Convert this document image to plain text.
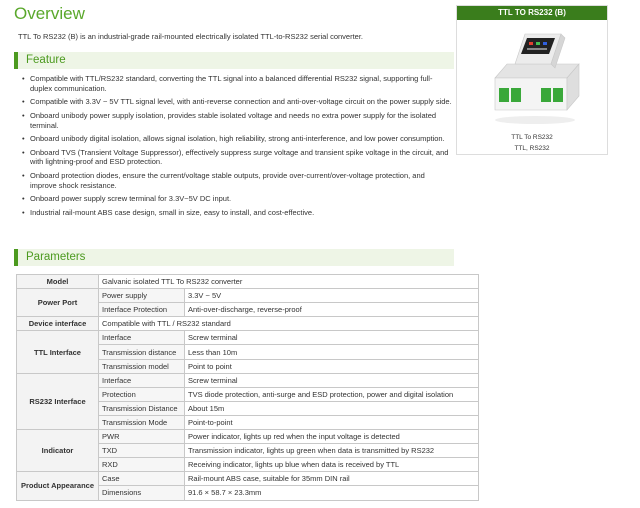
Overview
TTL To RS232 (B) is an industrial-grade rail-mounted electrically isolated TTL-to-RS232 serial converter.
Feature
• Compatible with TTL/RS232 standard, converting the TTL signal into a balanced differential RS232 signal, supporting full-duplex communication.
• Compatible with 3.3V ~ 5V TTL signal level, with anti-reverse connection and anti-over-voltage circuit on the power supply side.
• Onboard unibody power supply isolation, provides stable isolated voltage and needs no extra power supply for the isolated terminal.
• Onboard unibody digital isolation, allows signal isolation, high reliability, strong anti-interference, and low power consumption.
• Onboard TVS (Transient Voltage Suppressor), effectively suppress surge voltage and transient spike voltage in the circuit, and with lightning-proof and ESD protection.
• Onboard protection diodes, ensure the current/voltage stable outputs, provide over-current/over-voltage protection, and improve shock resistance.
• Onboard power supply screw terminal for 3.3V~5V DC input.
• Industrial rail-mount ABS case design, small in size, easy to install, and cost-effective.
TTL TO RS232 (B)
TTL To RS232
TTL, RS232
Parameters
Model	Galvanic isolated TTL To RS232 converter	
Power Port	Power supply	3.3V ~ 5V
	Interface Protection	Anti-over-discharge, reverse-proof
Device interface	Compatible with TTL / RS232 standard	
TTL Interface	Interface	Screw terminal
	Transmission distance	Less than 10m
	Transmission model	Point to point
RS232 Interface	Interface	Screw terminal
	Protection	TVS diode protection, anti-surge and ESD protection, power and digital isolation
	Transmission Distance	About 15m
	Transmission Mode	Point-to-point
Indicator	PWR	Power indicator, lights up red when the input voltage is detected
	TXD	Transmission indicator, lights up green when data is transmitted by RS232
	RXD	Receiving indicator, lights up blue when data is received by TTL
Product Appearance	Case	Rail-mount ABS case, suitable for 35mm DIN rail
	Dimensions	91.6 × 58.7 × 23.3mm
